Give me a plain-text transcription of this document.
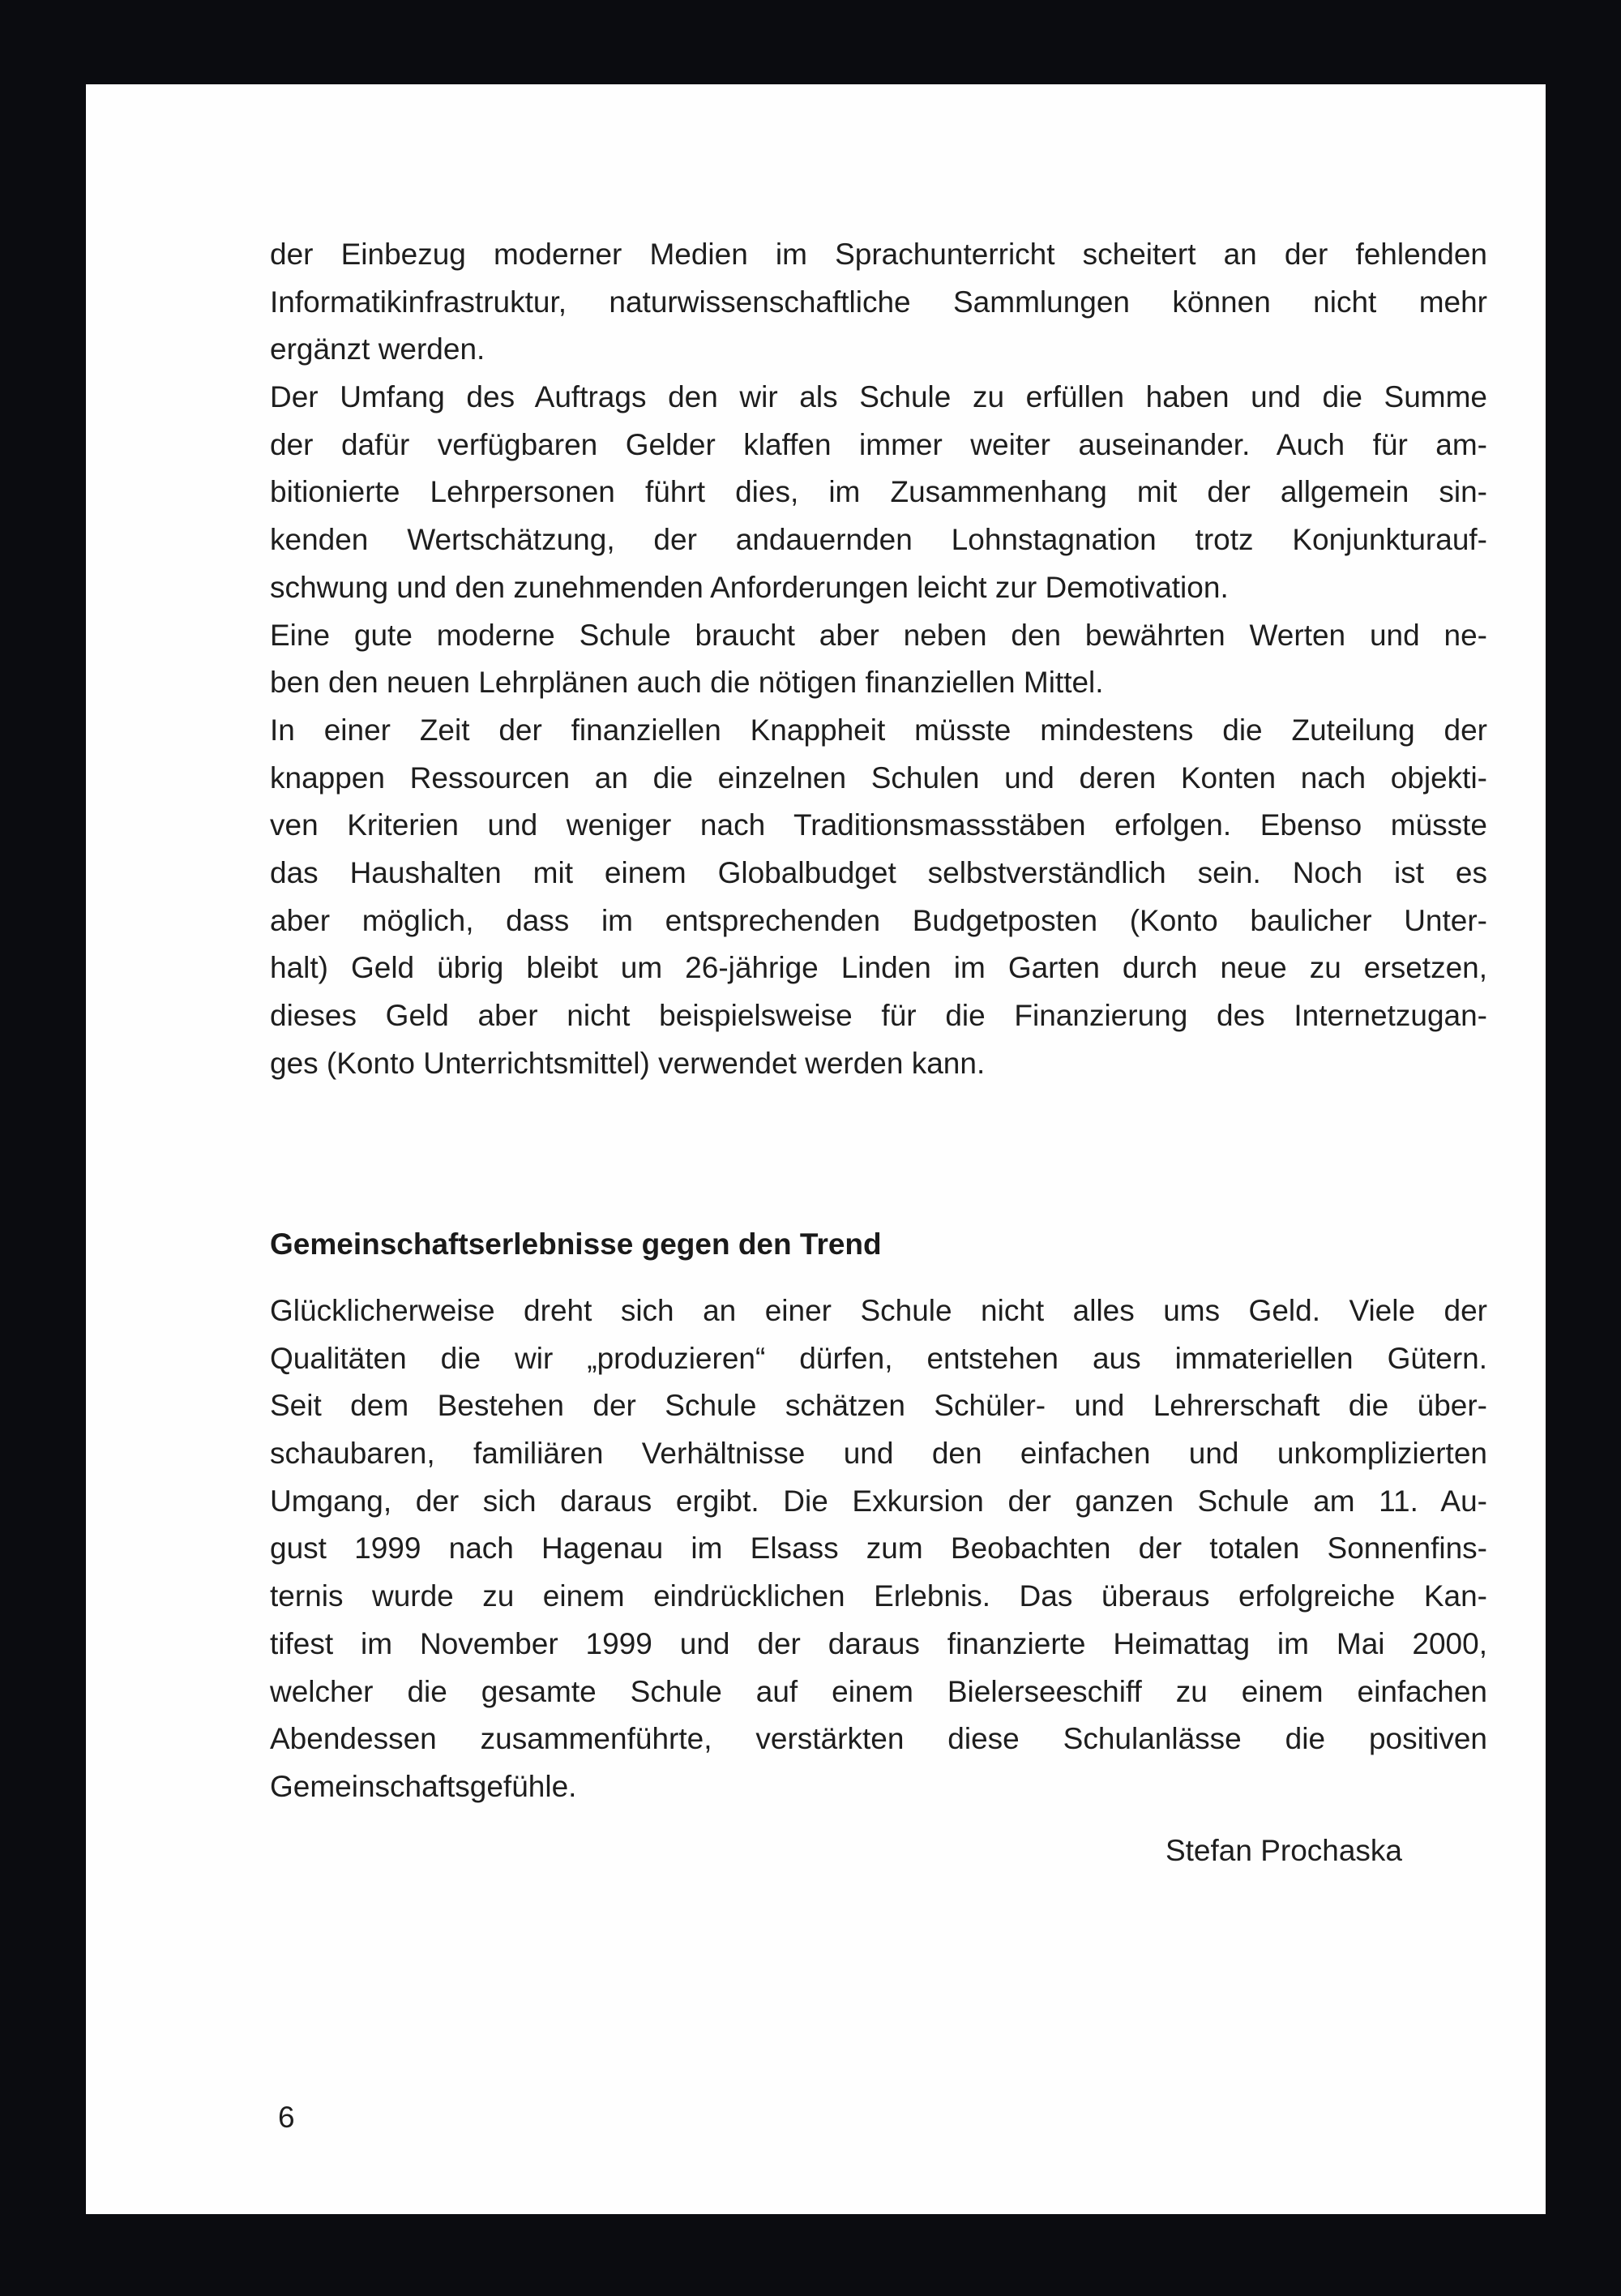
der Einbezug moderner Medien im Sprachunterricht scheitert an der fehlenden
Informatikinfrastruktur, naturwissenschaftliche Sammlungen können nicht mehr
ergänzt werden.
Der Umfang des Auftrags den wir als Schule zu erfüllen haben und die Summe
der dafür verfügbaren Gelder klaffen immer weiter auseinander. Auch für am-
bitionierte Lehrpersonen führt dies, im Zusammenhang mit der allgemein sin-
kenden Wertschätzung, der andauernden Lohnstagnation trotz Konjunkturauf-
schwung und den zunehmenden Anforderungen leicht zur Demotivation.
Eine gute moderne Schule braucht aber neben den bewährten Werten und ne-
ben den neuen Lehrplänen auch die nötigen finanziellen Mittel.
In einer Zeit der finanziellen Knappheit müsste mindestens die Zuteilung der
knappen Ressourcen an die einzelnen Schulen und deren Konten nach objekti-
ven Kriterien und weniger nach Traditionsmassstäben erfolgen. Ebenso müsste
das Haushalten mit einem Globalbudget selbstverständlich sein. Noch ist es
aber möglich, dass im entsprechenden Budgetposten (Konto baulicher Unter-
halt) Geld übrig bleibt um 26-jährige Linden im Garten durch neue zu ersetzen,
dieses Geld aber nicht beispielsweise für die Finanzierung des Internetzugan-
ges (Konto Unterrichtsmittel) verwendet werden kann.
Gemeinschaftserlebnisse gegen den Trend
Glücklicherweise dreht sich an einer Schule nicht alles ums Geld. Viele der
Qualitäten die wir „produzieren“ dürfen, entstehen aus immateriellen Gütern.
Seit dem Bestehen der Schule schätzen Schüler- und Lehrerschaft die über-
schaubaren, familiären Verhältnisse und den einfachen und unkomplizierten
Umgang, der sich daraus ergibt. Die Exkursion der ganzen Schule am 11. Au-
gust 1999 nach Hagenau im Elsass zum Beobachten der totalen Sonnenfins-
ternis wurde zu einem eindrücklichen Erlebnis. Das überaus erfolgreiche Kan-
tifest im November 1999 und der daraus finanzierte Heimattag im Mai 2000,
welcher die gesamte Schule auf einem Bielerseeschiff zu einem einfachen
Abendessen zusammenführte, verstärkten diese Schulanlässe die positiven
Gemeinschaftsgefühle.
Stefan Prochaska
6
